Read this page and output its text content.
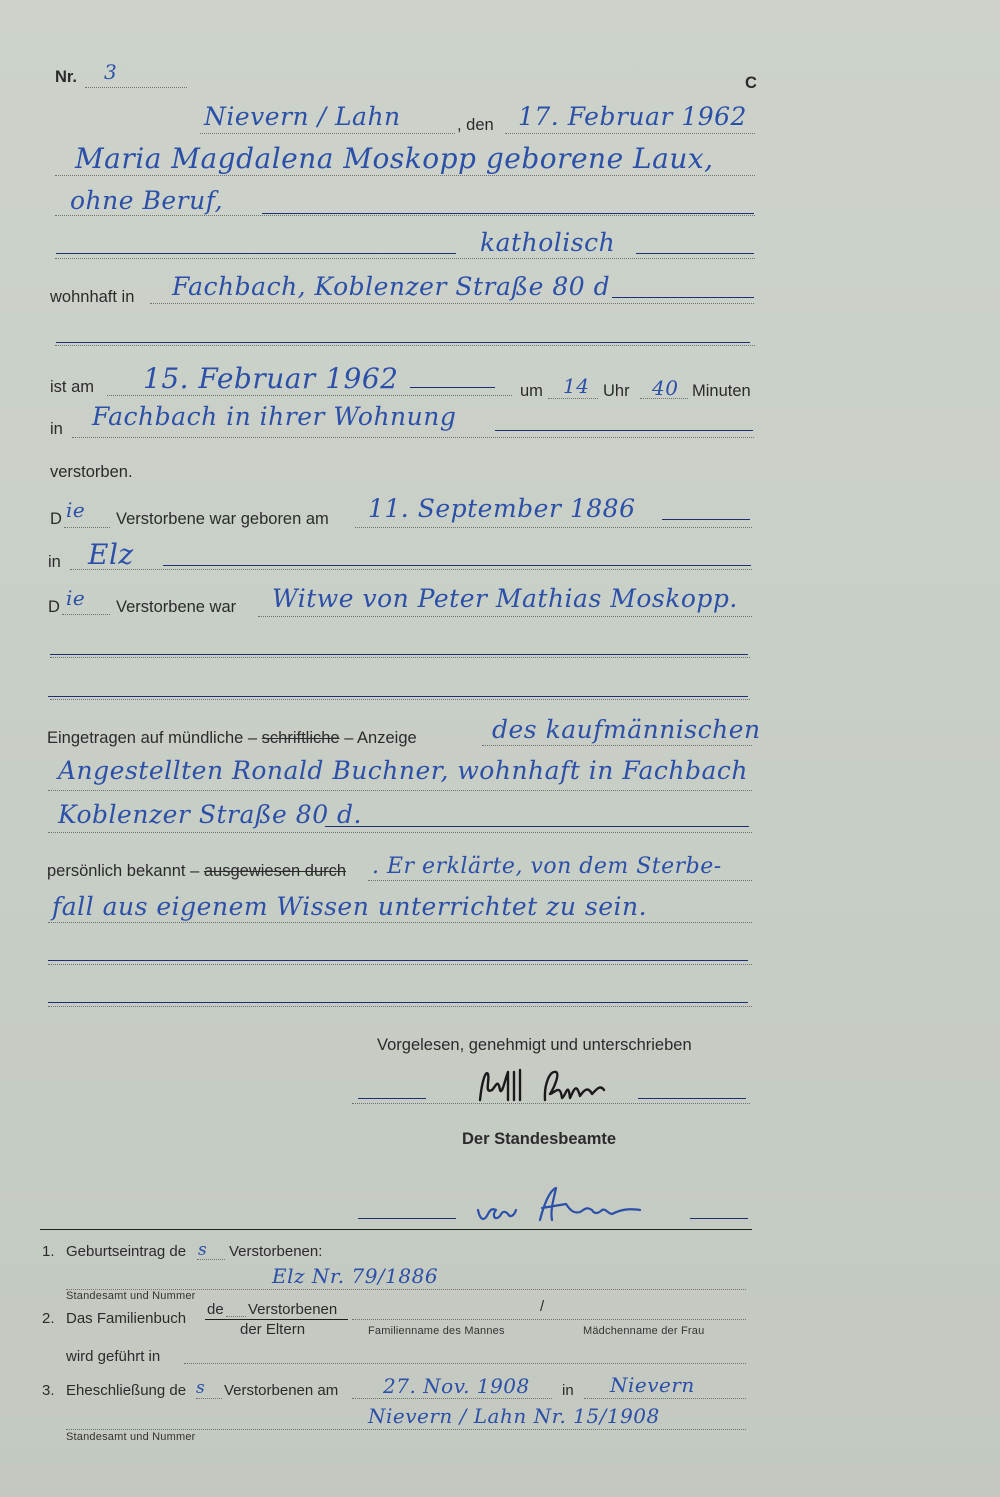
Nr. 3	C
Nievern / Lahn	, den 17. Februar 1962
Maria Magdalena Moskopp geborene Laux,
ohne Beruf,
katholisch
wohnhaft in Fachbach, Koblenzer Straße 80 d
ist am 15. Februar 1962	um 14 Uhr 40 Minuten
in Fachbach in ihrer Wohnung
verstorben.
D ie Verstorbene war geboren am 11. September 1886
in Elz
D ie Verstorbene war Witwe von Peter Mathias Moskopp.
Eingetragen auf mündliche – schriftliche – Anzeige	des kaufmännischen
Angestellten Ronald Buchner, wohnhaft in Fachbach
Koblenzer Straße 80 d.
persönlich bekannt – ausgewiesen durch . Er erklärte, von dem Sterbe-
fall aus eigenem Wissen unterrichtet zu sein.
Vorgelesen, genehmigt und unterschrieben
Der Standesbeamte
1. Geburtseintrag de s Verstorbenen:
Elz Nr. 79/1886
Standesamt und Nummer
2. Das Familienbuch
de Verstorbenen
der Eltern
/
Familienname des Mannes	Mädchenname der Frau
wird geführt in
3. Eheschließung de s Verstorbenen am 27. Nov. 1908 in Nievern
Nievern / Lahn Nr. 15/1908
Standesamt und Nummer
